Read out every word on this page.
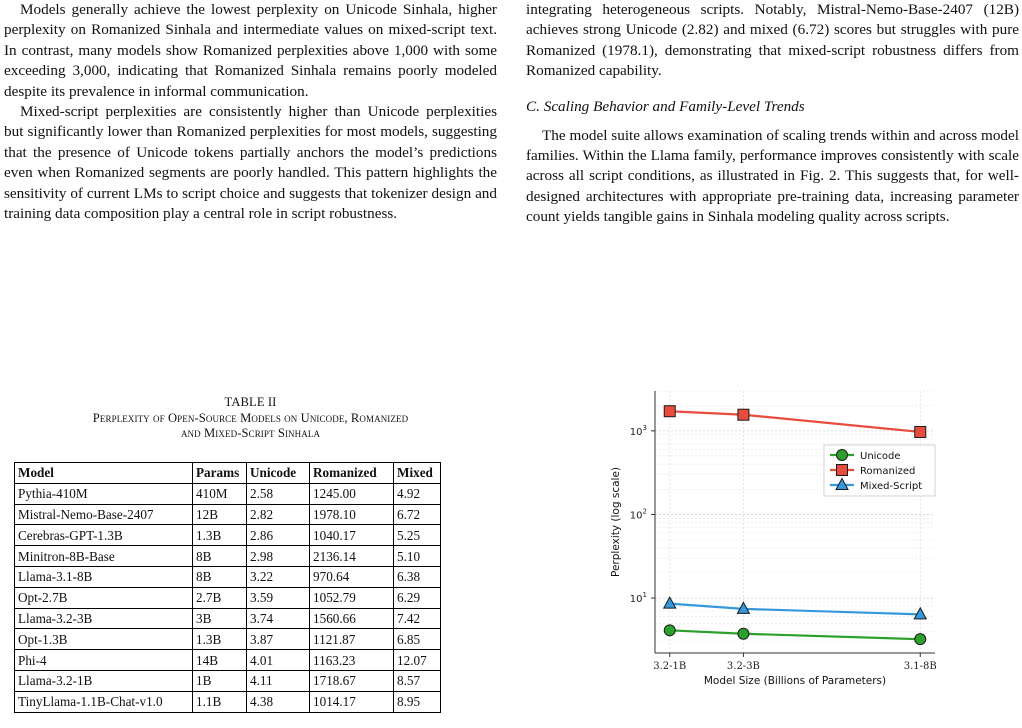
Models generally achieve the lowest perplexity on Unicode Sinhala, higher perplexity on Romanized Sinhala and intermediate values on mixed-script text. In contrast, many models show Romanized perplexities above 1,000 with some exceeding 3,000, indicating that Romanized Sinhala remains poorly modeled despite its prevalence in informal communication.

Mixed-script perplexities are consistently higher than Unicode perplexities but significantly lower than Romanized perplexities for most models, suggesting that the presence of Unicode tokens partially anchors the model’s predictions even when Romanized segments are poorly handled. This pattern highlights the sensitivity of current LMs to script choice and suggests that tokenizer design and training data composition play a central role in script robustness.

integrating heterogeneous scripts. Notably, Mistral-Nemo-Base-2407 (12B) achieves strong Unicode (2.82) and mixed (6.72) scores but struggles with pure Romanized (1978.1), demonstrating that mixed-script robustness differs from Romanized capability.

C. Scaling Behavior and Family-Level Trends

The model suite allows examination of scaling trends within and across model families. Within the Llama family, performance improves consistently with scale across all script conditions, as illustrated in Fig. 2. This suggests that, for well-designed architectures with appropriate pre-training data, increasing parameter count yields tangible gains in Sinhala modeling quality across scripts.

TABLE II
Perplexity of Open-Source Models on Unicode, Romanized
and Mixed-Script Sinhala
Model	Params	Unicode	Romanized	Mixed
Pythia-410M	410M	2.58	1245.00	4.92
Mistral-Nemo-Base-2407	12B	2.82	1978.10	6.72
Cerebras-GPT-1.3B	1.3B	2.86	1040.17	5.25
Minitron-8B-Base	8B	2.98	2136.14	5.10
Llama-3.1-8B	8B	3.22	970.64	6.38
Opt-2.7B	2.7B	3.59	1052.79	6.29
Llama-3.2-3B	3B	3.74	1560.66	7.42
Opt-1.3B	1.3B	3.87	1121.87	6.85
Phi-4	14B	4.01	1163.23	12.07
Llama-3.2-1B	1B	4.11	1718.67	8.57
TinyLlama-1.1B-Chat-v1.0	1.1B	4.38	1014.17	8.95
$10^1$
$10^2$
$10^3$
3.2-1B	3.2-3B	3.1-8B
Model Size (Billions of Parameters)
Perplexity (log scale)
Unicode
Romanized
Mixed-Script
